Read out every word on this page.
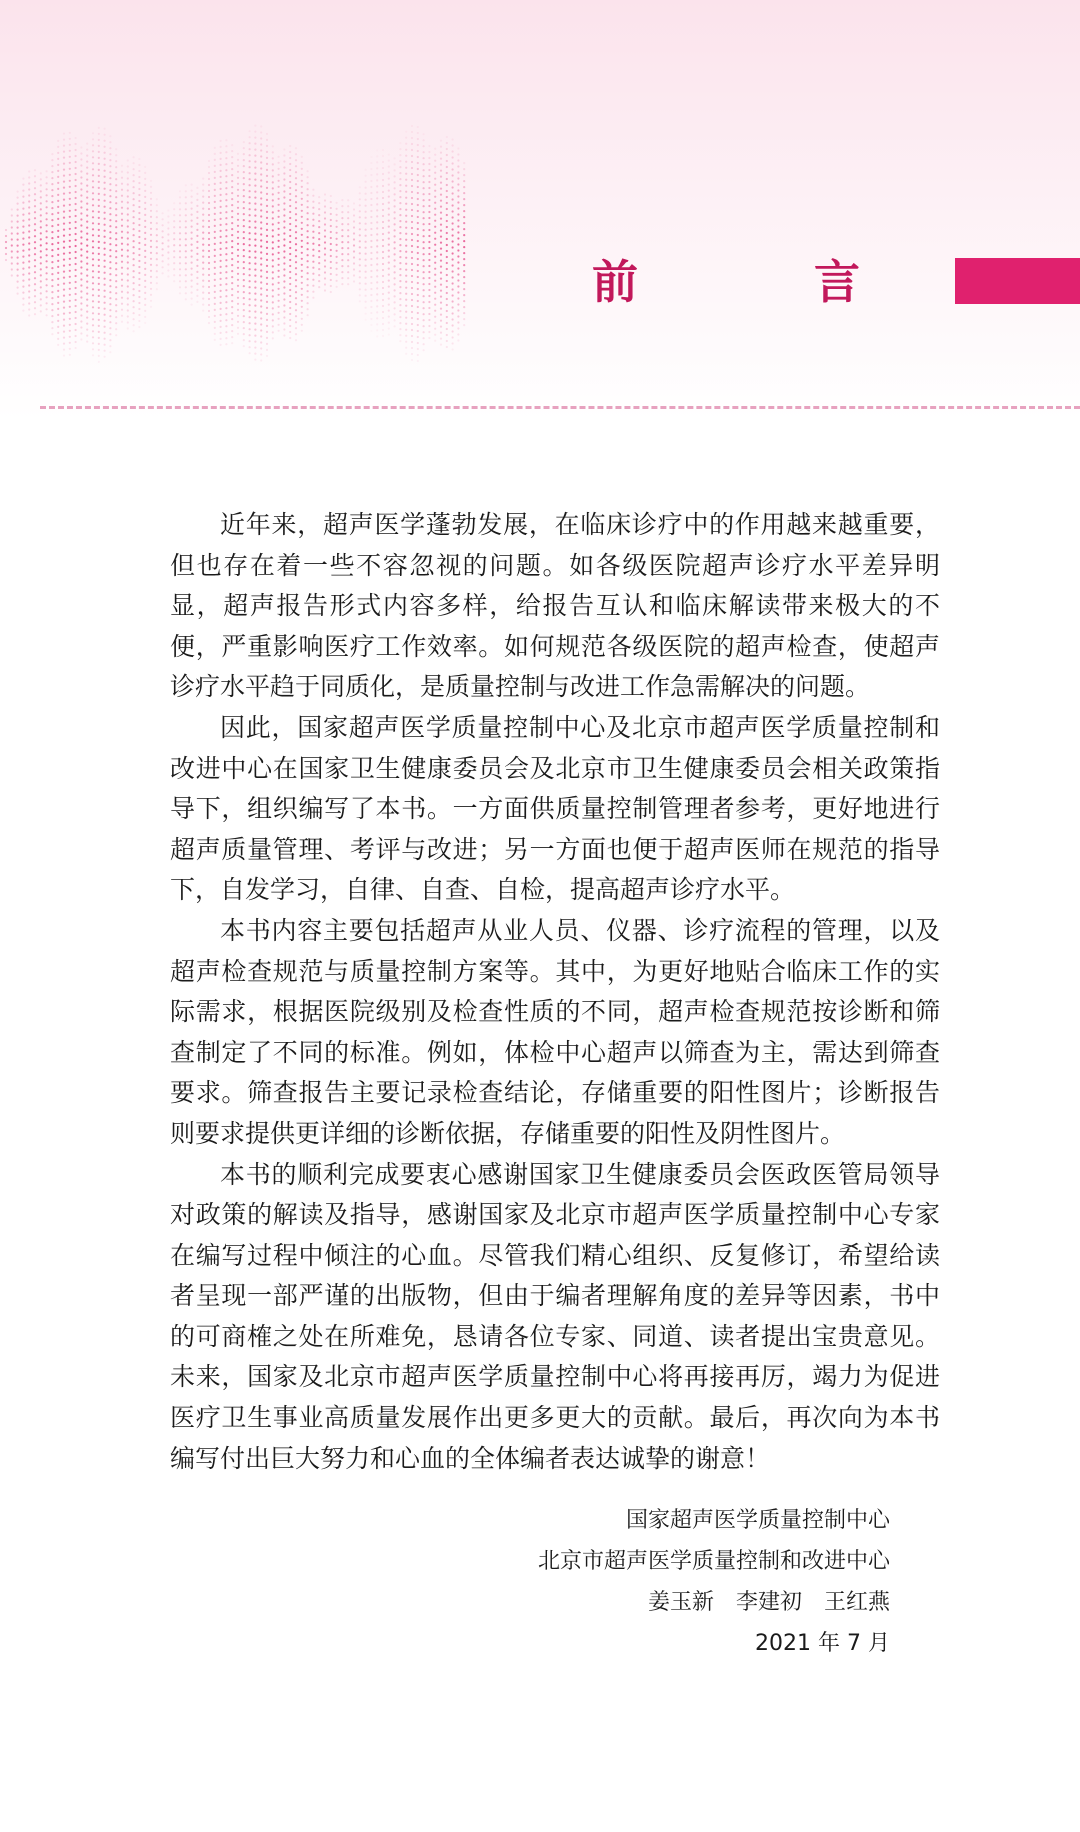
前 言

近年来，超声医学蓬勃发展，在临床诊疗中的作用越来越重要，但也存在着一些不容忽视的问题。如各级医院超声诊疗水平差异明显，超声报告形式内容多样，给报告互认和临床解读带来极大的不便，严重影响医疗工作效率。如何规范各级医院的超声检查，使超声诊疗水平趋于同质化，是质量控制与改进工作急需解决的问题。

因此，国家超声医学质量控制中心及北京市超声医学质量控制和改进中心在国家卫生健康委员会及北京市卫生健康委员会相关政策指导下，组织编写了本书。一方面供质量控制管理者参考，更好地进行超声质量管理、考评与改进；另一方面也便于超声医师在规范的指导下，自发学习，自律、自查、自检，提高超声诊疗水平。

本书内容主要包括超声从业人员、仪器、诊疗流程的管理，以及超声检查规范与质量控制方案等。其中，为更好地贴合临床工作的实际需求，根据医院级别及检查性质的不同，超声检查规范按诊断和筛查制定了不同的标准。例如，体检中心超声以筛查为主，需达到筛查要求。筛查报告主要记录检查结论，存储重要的阳性图片；诊断报告则要求提供更详细的诊断依据，存储重要的阳性及阴性图片。

本书的顺利完成要衷心感谢国家卫生健康委员会医政医管局领导对政策的解读及指导，感谢国家及北京市超声医学质量控制中心专家在编写过程中倾注的心血。尽管我们精心组织、反复修订，希望给读者呈现一部严谨的出版物，但由于编者理解角度的差异等因素，书中的可商榷之处在所难免，恳请各位专家、同道、读者提出宝贵意见。未来，国家及北京市超声医学质量控制中心将再接再厉，竭力为促进医疗卫生事业高质量发展作出更多更大的贡献。最后，再次向为本书编写付出巨大努力和心血的全体编者表达诚挚的谢意！

国家超声医学质量控制中心
北京市超声医学质量控制和改进中心
姜玉新　李建初　王红燕
2021 年 7 月
